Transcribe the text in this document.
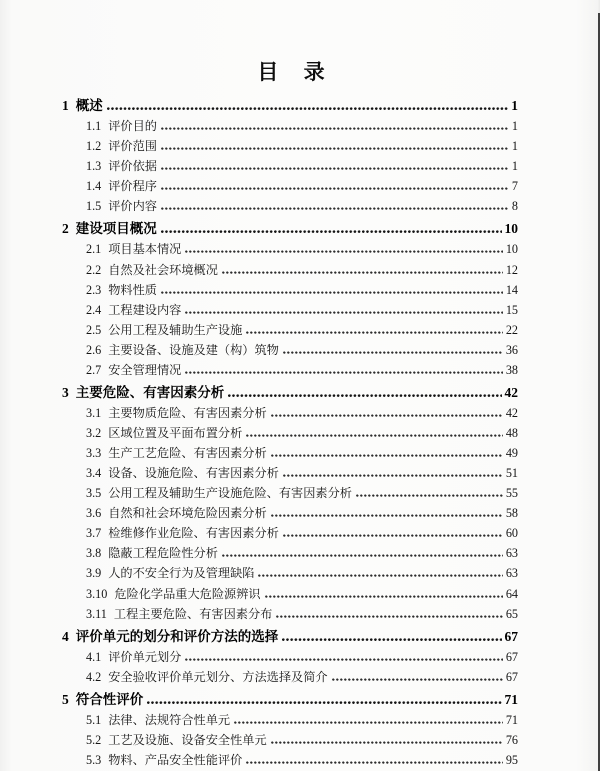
目 录
1 概述	1
1.1 评价目的	1
1.2 评价范围	1
1.3 评价依据	1
1.4 评价程序	7
1.5 评价内容	8
2 建设项目概况	10
2.1 项目基本情况	10
2.2 自然及社会环境概况	12
2.3 物料性质	14
2.4 工程建设内容	15
2.5 公用工程及辅助生产设施	22
2.6 主要设备、设施及建（构）筑物	36
2.7 安全管理情况	38
3 主要危险、有害因素分析	42
3.1 主要物质危险、有害因素分析	42
3.2 区域位置及平面布置分析	48
3.3 生产工艺危险、有害因素分析	49
3.4 设备、设施危险、有害因素分析	51
3.5 公用工程及辅助生产设施危险、有害因素分析	55
3.6 自然和社会环境危险因素分析	58
3.7 检维修作业危险、有害因素分析	60
3.8 隐蔽工程危险性分析	63
3.9 人的不安全行为及管理缺陷	63
3.10 危险化学品重大危险源辨识	64
3.11 工程主要危险、有害因素分布	65
4 评价单元的划分和评价方法的选择	67
4.1 评价单元划分	67
4.2 安全验收评价单元划分、方法选择及简介	67
5 符合性评价	71
5.1 法律、法规符合性单元	71
5.2 工艺及设施、设备安全性单元	76
5.3 物料、产品安全性能评价	95
